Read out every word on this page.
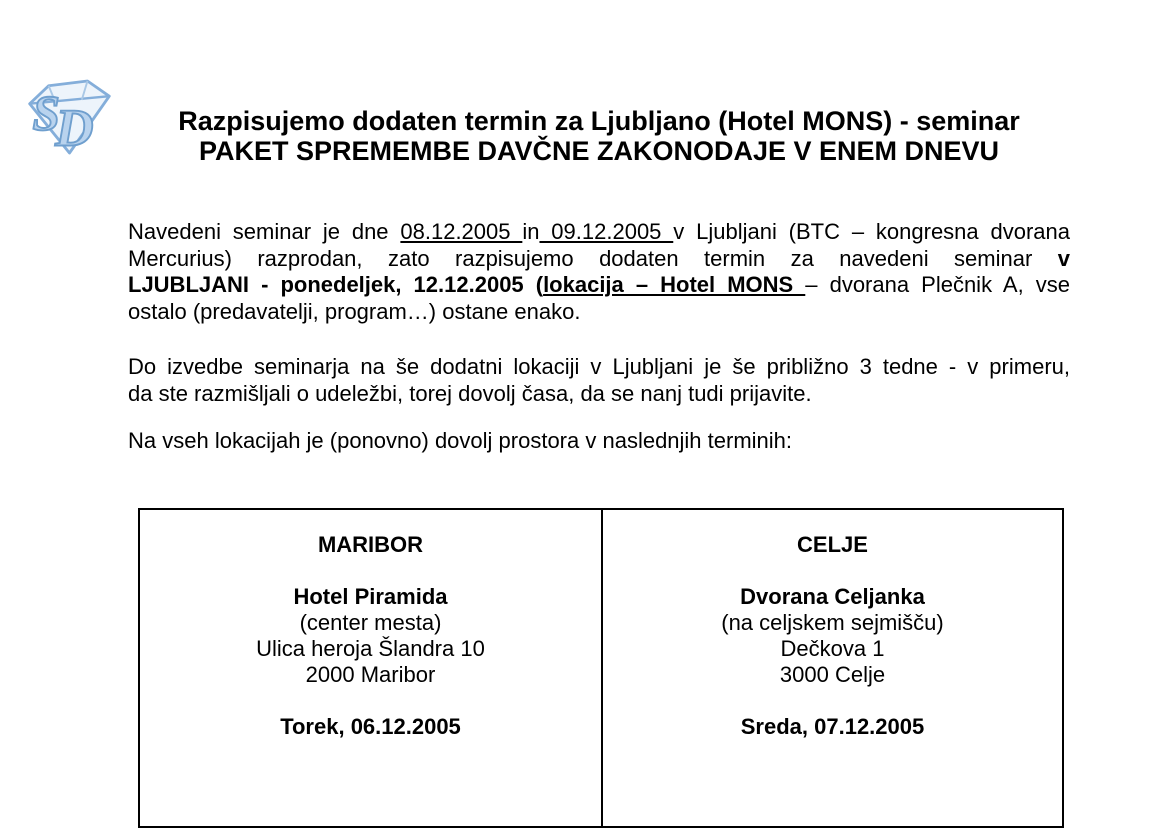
S
D	Razpisujemo dodaten termin za Ljubljano (Hotel MONS) - seminar
PAKET SPREMEMBE DAVČNE ZAKONODAJE V ENEM DNEVU
Navedeni seminar je dne 08.12.2005 in 09.12.2005 v Ljubljani (BTC – kongresna dvorana
Mercurius) razprodan, zato razpisujemo dodaten termin za navedeni seminar v
LJUBLJANI - ponedeljek, 12.12.2005 (lokacija – Hotel MONS – dvorana Plečnik A, vse
ostalo (predavatelji, program…) ostane enako.
Do izvedbe seminarja na še dodatni lokaciji v Ljubljani je še približno 3 tedne - v primeru,
da ste razmišljali o udeležbi, torej dovolj časa, da se nanj tudi prijavite.
Na vseh lokacijah je (ponovno) dovolj prostora v naslednjih terminih:
MARIBOR
Hotel Piramida
(center mesta)
Ulica heroja Šlandra 10
2000 Maribor
Torek, 06.12.2005
CELJE
Dvorana Celjanka
(na celjskem sejmišču)
Dečkova 1
3000 Celje
Sreda, 07.12.2005
